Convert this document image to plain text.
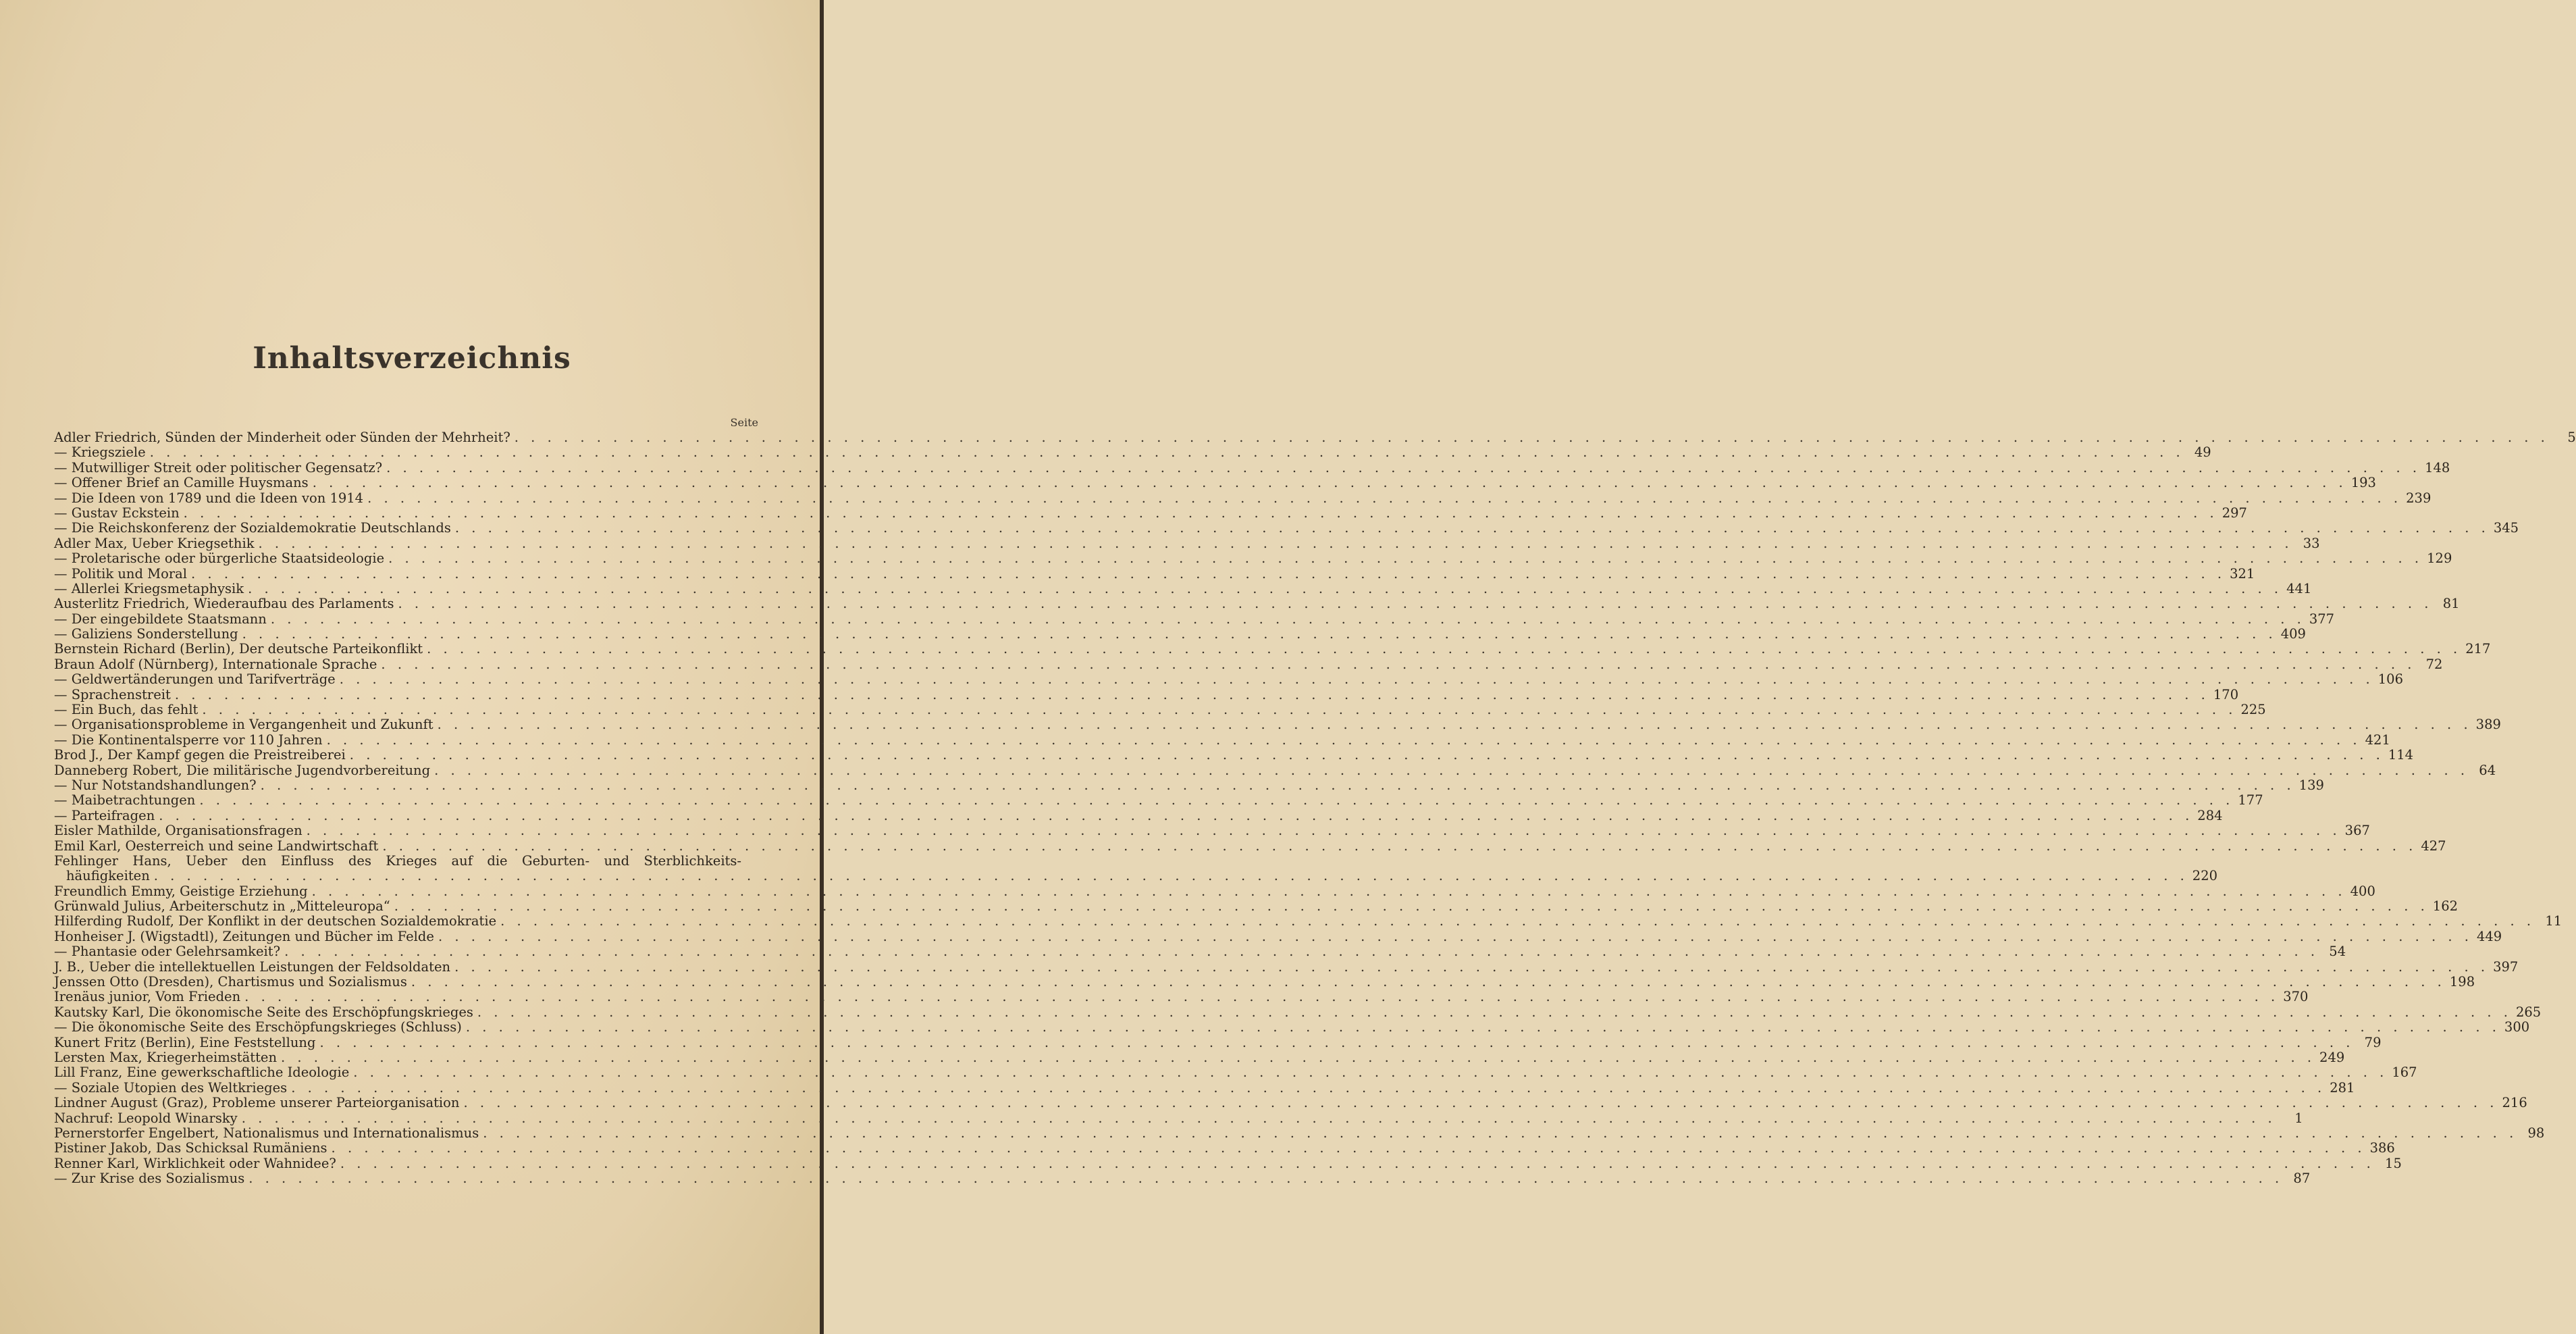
Inhaltsverzeichnis
Seite
Adler Friedrich, Sünden der Minderheit oder Sünden der Mehrheit? . . .	5
— Kriegsziele . . .	49
— Mutwilliger Streit oder politischer Gegensatz? . . .	148
— Offener Brief an Camille Huysmans . . .	193
— Die Ideen von 1789 und die Ideen von 1914 . . .	239
— Gustav Eckstein . . .	297
— Die Reichskonferenz der Sozialdemokratie Deutschlands . . .	345
Adler Max, Ueber Kriegsethik . . .	33
— Proletarische oder bürgerliche Staatsideologie . . .	129
— Politik und Moral . . .	321
— Allerlei Kriegsmetaphysik . . .	441
Austerlitz Friedrich, Wiederaufbau des Parlaments . . .	81
— Der eingebildete Staatsmann . . .	377
— Galiziens Sonderstellung . . .	409
Bernstein Richard (Berlin), Der deutsche Parteikonflikt . . .	217
Braun Adolf (Nürnberg), Internationale Sprache . . .	72
— Geldwertänderungen und Tarifverträge . . .	106
— Sprachenstreit . . .	170
— Ein Buch, das fehlt . . .	225
— Organisationsprobleme in Vergangenheit und Zukunft . . .	389
— Die Kontinentalsperre vor 110 Jahren . . .	421
Brod J., Der Kampf gegen die Preistreiberei . . .	114
Danneberg Robert, Die militärische Jugendvorbereitung . . .	64
— Nur Notstandshandlungen? . . .	139
— Maibetrachtungen . . .	177
— Parteifragen . . .	284
Eisler Mathilde, Organisationsfragen . . .	367
Emil Karl, Oesterreich und seine Landwirtschaft . . .	427
Fehlinger Hans, Ueber den Einfluss des Krieges auf die Geburten- und Sterblichkeits-
häufigkeiten . . .	220
Freundlich Emmy, Geistige Erziehung . . .	400
Grünwald Julius, Arbeiterschutz in „Mitteleuropa“ . . .	162
Hilferding Rudolf, Der Konflikt in der deutschen Sozialdemokratie . . .	11
Honheiser J. (Wigstadtl), Zeitungen und Bücher im Felde . . .	449
— Phantasie oder Gelehrsamkeit? . . .	54
J. B., Ueber die intellektuellen Leistungen der Feldsoldaten . . .	397
Jenssen Otto (Dresden), Chartismus und Sozialismus . . .	198
Irenäus junior, Vom Frieden . . .	370
Kautsky Karl, Die ökonomische Seite des Erschöpfungskrieges . . .	265
— Die ökonomische Seite des Erschöpfungskrieges (Schluss) . . .	300
Kunert Fritz (Berlin), Eine Feststellung . . .	79
Lersten Max, Kriegerheimstätten . . .	249
Lill Franz, Eine gewerkschaftliche Ideologie . . .	167
— Soziale Utopien des Weltkrieges . . .	281
Lindner August (Graz), Probleme unserer Parteiorganisation . . .	216
Nachruf: Leopold Winarsky . . .	1
Pernerstorfer Engelbert, Nationalismus und Internationalismus . . .	98
Pistiner Jakob, Das Schicksal Rumäniens . . .	386
Renner Karl, Wirklichkeit oder Wahnidee? . . .	15
— Zur Krise des Sozialismus . . .	87
